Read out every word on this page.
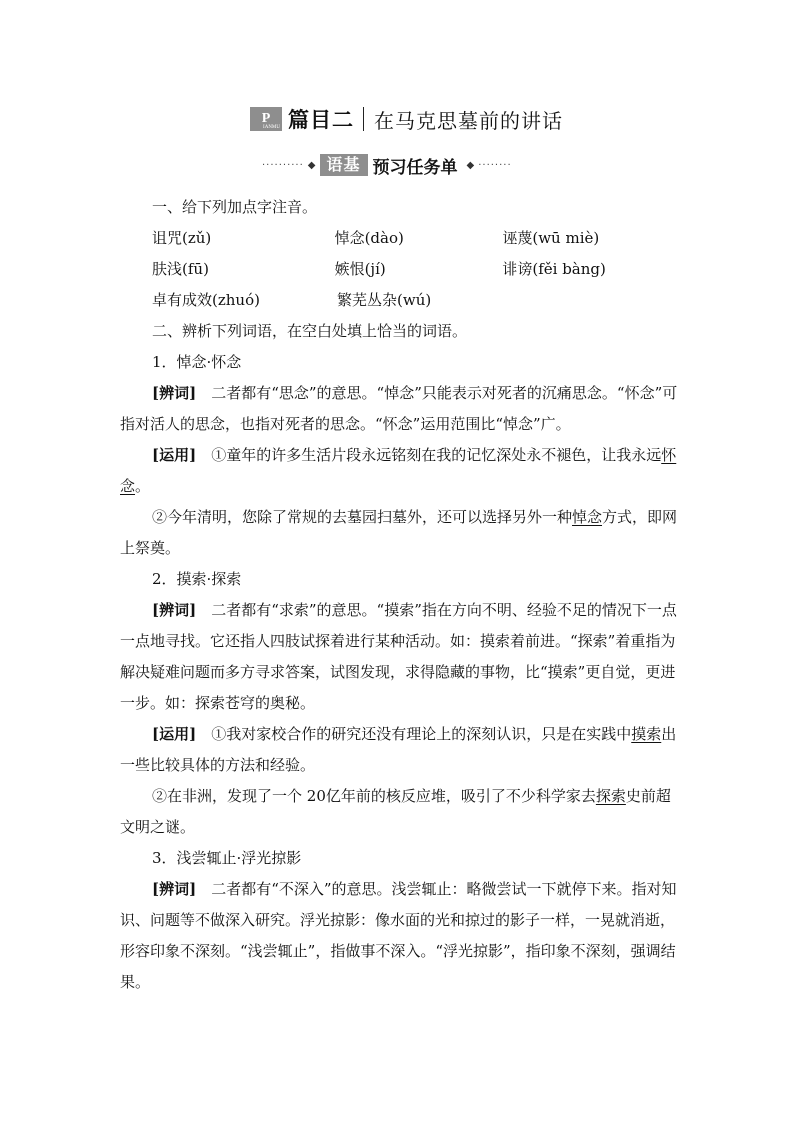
P
IANMU 篇目二 在马克思墓前的讲话
·········· ◆ 语基 预习任务单 ◆ ········

一、给下列加点字注音。

诅咒(zǔ)	悼念(dào)	诬蔑(wū miè)
肤浅(fū)	嫉恨(jí)	诽谤(fěi bàng)
卓有成效(zhuó)	繁芜丛杂(wú)

二、辨析下列词语，在空白处填上恰当的词语。

1．悼念·怀念

[辨词]　 二者都有“思念”的意思。“悼念”只能表示对死者的沉痛思念。“怀念”可指对活人的思念，也指对死者的思念。“怀念”运用范围比“悼念”广。

[运用]　 ①童年的许多生活片段永远铭刻在我的记忆深处永不褪色，让我永远怀念。

②今年清明，您除了常规的去墓园扫墓外，还可以选择另外一种悼念方式，即网上祭奠。

2．摸索·探索

[辨词]　 二者都有“求索”的意思。“摸索”指在方向不明、经验不足的情况下一点一点地寻找。它还指人四肢试探着进行某种活动。如：摸索着前进。“探索”着重指为解决疑难问题而多方寻求答案，试图发现，求得隐藏的事物，比“摸索”更自觉，更进一步。如：探索苍穹的奥秘。

[运用]　 ①我对家校合作的研究还没有理论上的深刻认识，只是在实践中摸索出一些比较具体的方法和经验。

②在非洲，发现了一个 20亿年前的核反应堆，吸引了不少科学家去探索史前超文明之谜。

3．浅尝辄止·浮光掠影

[辨词]　 二者都有“不深入”的意思。浅尝辄止：略微尝试一下就停下来。指对知识、问题等不做深入研究。浮光掠影：像水面的光和掠过的影子一样，一晃就消逝，形容印象不深刻。“浅尝辄止”，指做事不深入。“浮光掠影”，指印象不深刻，强调结果。
